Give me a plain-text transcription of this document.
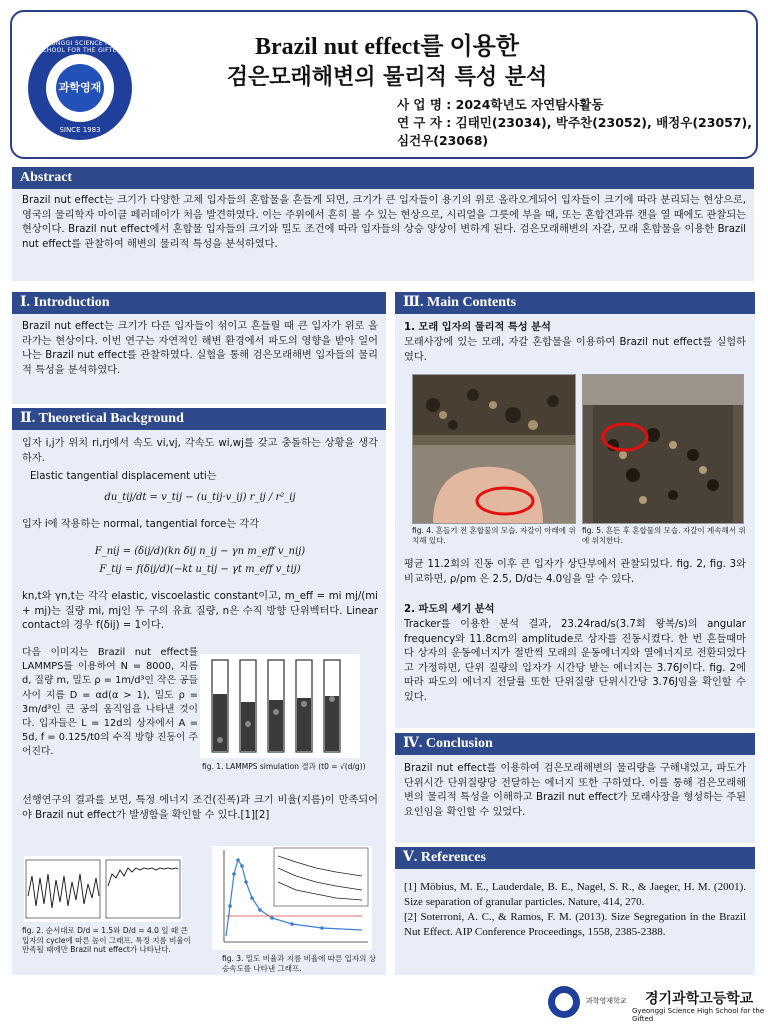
GYEONGGI SCIENCE HIGH SCHOOL FOR THE GIFTED
과학영재
SINCE 1983
Brazil nut effect를 이용한
검은모래해변의 물리적 특성 분석
사 업 명 : 2024학년도 자연탐사활동
연 구 자 : 김태민(23034), 박주찬(23052), 배정우(23057),
심건우(23068)
Abstract
Brazil nut effect는 크기가 다양한 고체 입자들의 혼합물을 흔들게 되면, 크기가 큰 입자들이 용기의 위로 올라오게되어 입자들이 크기에 따라 분리되는 현상으로, 영국의 물리학자 마이클 페러데이가 처음 발견하였다. 이는 주위에서 흔히 볼 수 있는 현상으로, 시리얼을 그릇에 부을 때, 또는 혼합견과류 캔을 열 때에도 관찰되는 현상이다. Brazil nut effect에서 혼합물 입자들의 크기와 밀도 조건에 따라 입자들의 상승 양상이 변하게 된다. 검은모래해변의 자갈, 모래 혼합물을 이용한 Brazil nut effect를 관찰하여 해변의 물리적 특성을 분석하였다.
Ⅰ. Introduction
Brazil nut effect는 크기가 다른 입자들이 섞이고 흔들릴 때 큰 입자가 위로 올라가는 현상이다. 이번 연구는 자연적인 해변 환경에서 파도의 영향을 받아 일어나는 Brazil nut effect를 관찰하였다. 실험을 통해 검은모래해변 입자들의 물리적 특성을 분석하였다.
Ⅱ. Theoretical Background
입자 i,j가 위치 ri,rj에서 속도 vi,vj, 각속도 wi,wj를 갖고 충돌하는 상황을 생각하자.
Elastic tangential displacement uti는
du_tij/dt = v_tij − (u_tij·v_ij) r_ij / r²_ij
입자 i에 작용하는 normal, tangential force는 각각
F_nij = (δij/d)(kn δij n_ij − γn m_eff v_nij)
F_tij = f(δij/d)(−kt u_tij − γt m_eff v_tij)
kn,t와 γn,t는 각각 elastic, viscoelastic constant이고, m_eff = mi mj/(mi + mj)는 질량 mi, mj인 두 구의 유효 질량, n은 수직 방향 단위벡터다. Linear contact의 경우 f(δij) = 1이다.
다음 이미지는 Brazil nut effect를 LAMMPS를 이용하여 N = 8000, 지름 d, 질량 m, 밀도 ρ = 1m/d³인 작은 공들 사이 지름 D = αd(α > 1), 밀도 ρ = 3m/d³인 큰 공의 움직임을 나타낸 것이다. 입자들은 L = 12d의 상자에서 A = 5d, f = 0.125/t0의 수직 방향 진동이 주어진다.
fig. 1. LAMMPS simulation 결과 (t0 = √(d/g))
선행연구의 결과를 보면, 특정 에너지 조건(진폭)과 크기 비율(지름)이 만족되어야 Brazil nut effect가 발생함을 확인할 수 있다.[1][2]
fig. 2. 순서대로 D/d = 1.5와 D/d = 4.0 일 때 큰 입자의 cycle에 따른 높이 그래프. 특정 지름 비율이 만족될 때에만 Brazil nut effect가 나타난다.
fig. 3. 밀도 비율과 지름 비율에 따른 입자의 상승속도를 나타낸 그래프.
Ⅲ. Main Contents
1. 모래 입자의 물리적 특성 분석
모래사장에 있는 모래, 자갈 혼합물을 이용하여 Brazil nut effect를 실험하였다.
fig. 4. 흔들기 전 혼합물의 모습. 자갈이 아래에 위치해 있다.
fig. 5. 흔든 후 혼합물의 모습. 자갈이 계속해서 위에 위치한다.
평균 11.2회의 진동 이후 큰 입자가 상단부에서 관찰되었다. fig. 2, fig. 3와 비교하면, ρ/ρm 은 2.5, D/d는 4.0임을 알 수 있다.
2. 파도의 세기 분석
Tracker를 이용한 분석 결과, 23.24rad/s(3.7회 왕복/s)의 angular frequency와 11.8cm의 amplitude로 상자를 진동시켰다. 한 번 흔들때마다 상자의 운동에너지가 절반씩 모래의 운동에너지와 열에너지로 전환되었다고 가정하면, 단위 질량의 입자가 시간당 받는 에너지는 3.76J이다. fig. 2에 따라 파도의 에너지 전달률 또한 단위질량 단위시간당 3.76J임을 확인할 수 있다.
Ⅳ. Conclusion
Brazil nut effect를 이용하여 검은모래해변의 물리량을 구해내었고, 파도가 단위시간 단위질량당 전달하는 에너지 또한 구하였다. 이를 통해 검은모래해변의 물리적 특성을 이해하고 Brazil nut effect가 모래사장을 형성하는 주된 요인임을 확인할 수 있었다.
Ⅴ. References
[1] Möbius, M. E., Lauderdale, B. E., Nagel, S. R., & Jaeger, H. M. (2001). Size separation of granular particles. Nature, 414, 270.
[2] Soterroni, A. C., & Ramos, F. M. (2013). Size Segregation in the Brazil Nut Effect. AIP Conference Proceedings, 1558, 2385-2388.
과학영재학교 경기과학고등학교
Gyeonggi Science High School for the Gifted
